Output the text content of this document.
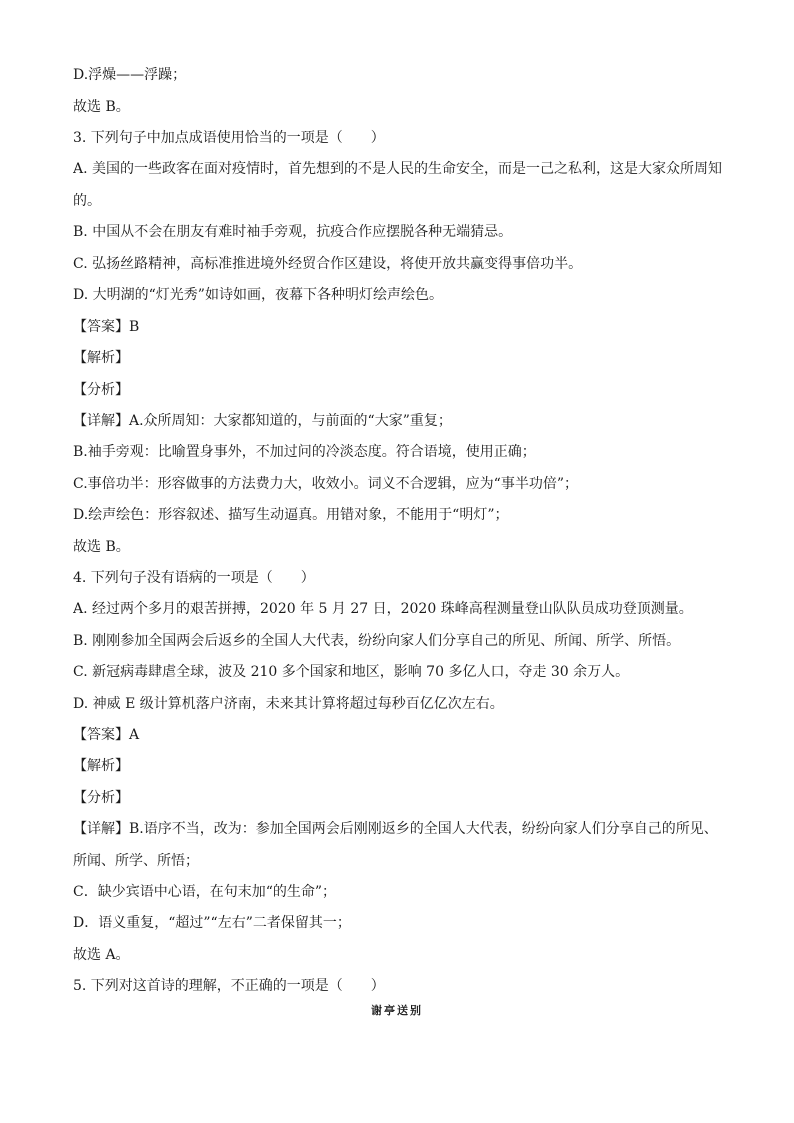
D.浮燥——浮躁；
故选 B。
3. 下列句子中加点成语使用恰当的一项是（　　）
A. 美国的一些政客在面对疫情时，首先想到的不是人民的生命安全，而是一己之私利，这是大家众所周知
的。
B. 中国从不会在朋友有难时袖手旁观，抗疫合作应摆脱各种无端猜忌。
C. 弘扬丝路精神，高标准推进境外经贸合作区建设，将使开放共赢变得事倍功半。
D. 大明湖的“灯光秀”如诗如画，夜幕下各种明灯绘声绘色。
【答案】B
【解析】
【分析】
【详解】A.众所周知：大家都知道的，与前面的“大家”重复；
B.袖手旁观：比喻置身事外，不加过问的冷淡态度。符合语境，使用正确；
C.事倍功半：形容做事的方法费力大，收效小。词义不合逻辑，应为“事半功倍”；
D.绘声绘色：形容叙述、描写生动逼真。用错对象，不能用于“明灯”；
故选 B。
4. 下列句子没有语病的一项是（　　）
A. 经过两个多月的艰苦拼搏，2020 年 5 月 27 日，2020 珠峰高程测量登山队队员成功登顶测量。
B. 刚刚参加全国两会后返乡的全国人大代表，纷纷向家人们分享自己的所见、所闻、所学、所悟。
C. 新冠病毒肆虐全球，波及 210 多个国家和地区，影响 70 多亿人口，夺走 30 余万人。
D. 神威 E 级计算机落户济南，未来其计算将超过每秒百亿亿次左右。
【答案】A
【解析】
【分析】
【详解】B.语序不当，改为：参加全国两会后刚刚返乡的全国人大代表，纷纷向家人们分享自己的所见、
所闻、所学、所悟；
C．缺少宾语中心语，在句末加“的生命”；
D．语义重复，“超过”“左右”二者保留其一；
故选 A。
5. 下列对这首诗的理解，不正确的一项是（　　）
谢亭送别
